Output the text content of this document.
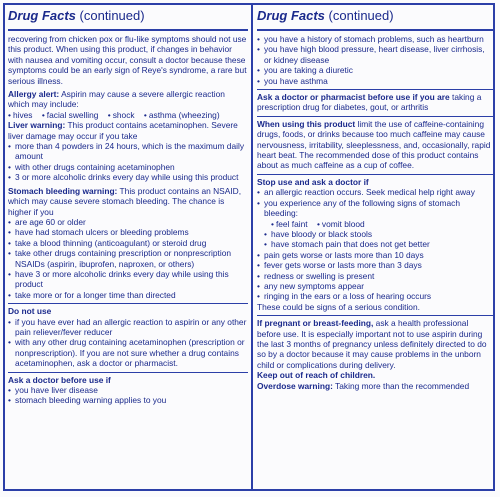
Drug Facts (continued)
recovering from chicken pox or flu-like symptoms should not use this product. When using this product, if changes in behavior with nausea and vomiting occur, consult a doctor because these symptoms could be an early sign of Reye's syndrome, a rare but serious illness.
Allergy alert: Aspirin may cause a severe allergic reaction which may include:
• hives • facial swelling • shock • asthma (wheezing)
Liver warning: This product contains acetaminophen. Severe liver damage may occur if you take
• more than 4 powders in 24 hours, which is the maximum daily amount
• with other drugs containing acetaminophen
• 3 or more alcoholic drinks every day while using this product
Stomach bleeding warning: This product contains an NSAID, which may cause severe stomach bleeding. The chance is higher if you
• are age 60 or older
• have had stomach ulcers or bleeding problems
• take a blood thinning (anticoagulant) or steroid drug
• take other drugs containing prescription or nonprescription NSAIDs (aspirin, ibuprofen, naproxen, or others)
• have 3 or more alcoholic drinks every day while using this product
• take more or for a longer time than directed
Do not use
• if you have ever had an allergic reaction to aspirin or any other pain reliever/fever reducer
• with any other drug containing acetaminophen (prescription or nonprescription). If you are not sure whether a drug contains acetaminophen, ask a doctor or pharmacist.
Ask a doctor before use if
• you have liver disease
• stomach bleeding warning applies to you
Drug Facts (continued)
• you have a history of stomach problems, such as heartburn
• you have high blood pressure, heart disease, liver cirrhosis, or kidney disease
• you are taking a diuretic
• you have asthma
Ask a doctor or pharmacist before use if you are taking a prescription drug for diabetes, gout, or arthritis
When using this product limit the use of caffeine-containing drugs, foods, or drinks because too much caffeine may cause nervousness, irritability, sleeplessness, and, occasionally, rapid heart beat. The recommended dose of this product contains about as much caffeine as a cup of coffee.
Stop use and ask a doctor if
• an allergic reaction occurs. Seek medical help right away
• you experience any of the following signs of stomach bleeding:
• feel faint • vomit blood
• have bloody or black stools
• have stomach pain that does not get better
• pain gets worse or lasts more than 10 days
• fever gets worse or lasts more than 3 days
• redness or swelling is present
• any new symptoms appear
• ringing in the ears or a loss of hearing occurs
These could be signs of a serious condition.
If pregnant or breast-feeding, ask a health professional before use. It is especially important not to use aspirin during the last 3 months of pregnancy unless definitely directed to do so by a doctor because it may cause problems in the unborn child or complications during delivery.
Keep out of reach of children.
Overdose warning: Taking more than the recommended
